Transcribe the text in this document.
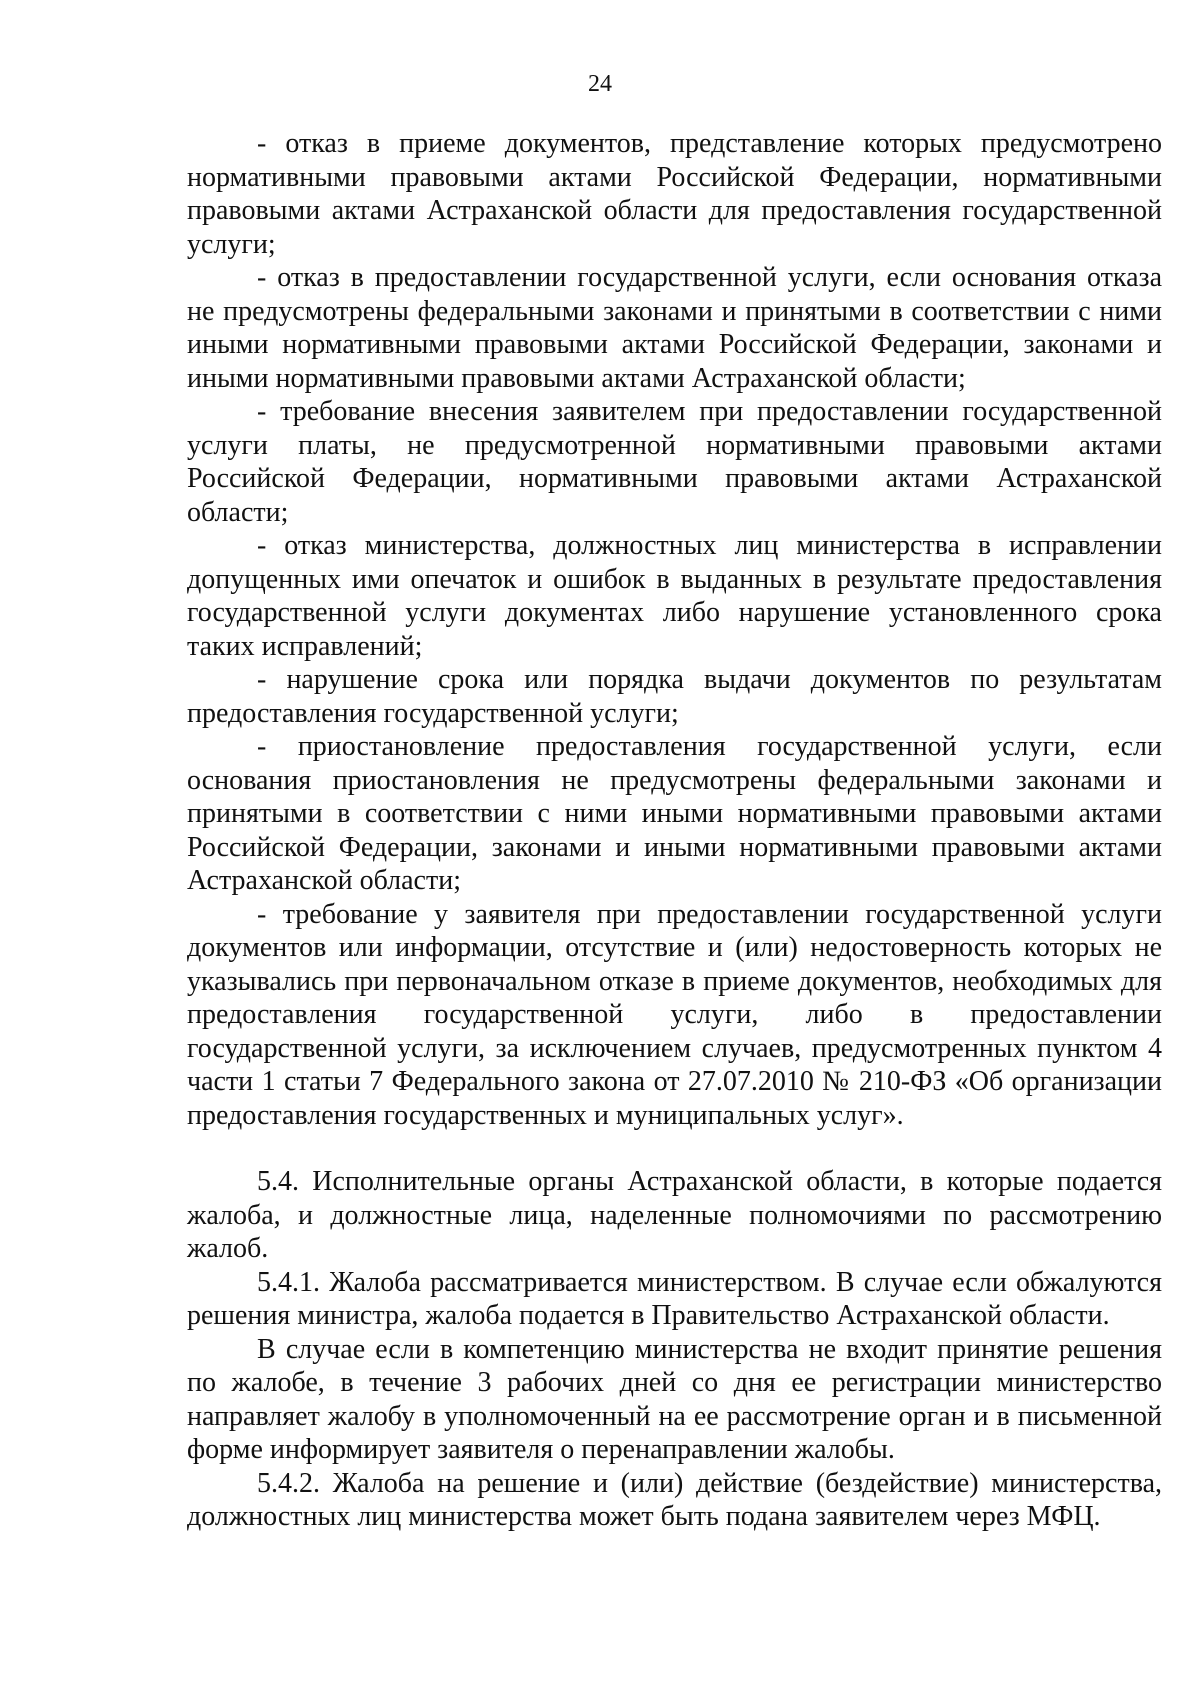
24

- отказ в приеме документов, представление которых предусмотрено нормативными правовыми актами Российской Федерации, нормативными правовыми актами Астраханской области для предоставления государственной услуги;

- отказ в предоставлении государственной услуги, если основания отказа не предусмотрены федеральными законами и принятыми в соответствии с ними иными нормативными правовыми актами Российской Федерации, законами и иными нормативными правовыми актами Астраханской области;

- требование внесения заявителем при предоставлении государственной услуги платы, не предусмотренной нормативными правовыми актами Российской Федерации, нормативными правовыми актами Астраханской области;

- отказ министерства, должностных лиц министерства в исправлении допущенных ими опечаток и ошибок в выданных в результате предоставления государственной услуги документах либо нарушение установленного срока таких исправлений;

- нарушение срока или порядка выдачи документов по результатам предоставления государственной услуги;

- приостановление предоставления государственной услуги, если основания приостановления не предусмотрены федеральными законами и принятыми в соответствии с ними иными нормативными правовыми актами Российской Федерации, законами и иными нормативными правовыми актами Астраханской области;

- требование у заявителя при предоставлении государственной услуги документов или информации, отсутствие и (или) недостоверность которых не указывались при первоначальном отказе в приеме документов, необходимых для предоставления государственной услуги, либо в предоставлении государственной услуги, за исключением случаев, предусмотренных пунктом 4 части 1 статьи 7 Федерального закона от 27.07.2010 № 210-ФЗ «Об организации предоставления государственных и муниципальных услуг».

5.4. Исполнительные органы Астраханской области, в которые подается жалоба, и должностные лица, наделенные полномочиями по рассмотрению жалоб.

5.4.1. Жалоба рассматривается министерством. В случае если обжалуются решения министра, жалоба подается в Правительство Астраханской области.

В случае если в компетенцию министерства не входит принятие решения по жалобе, в течение 3 рабочих дней со дня ее регистрации министерство направляет жалобу в уполномоченный на ее рассмотрение орган и в письменной форме информирует заявителя о перенаправлении жалобы.

5.4.2. Жалоба на решение и (или) действие (бездействие) министерства, должностных лиц министерства может быть подана заявителем через МФЦ.
